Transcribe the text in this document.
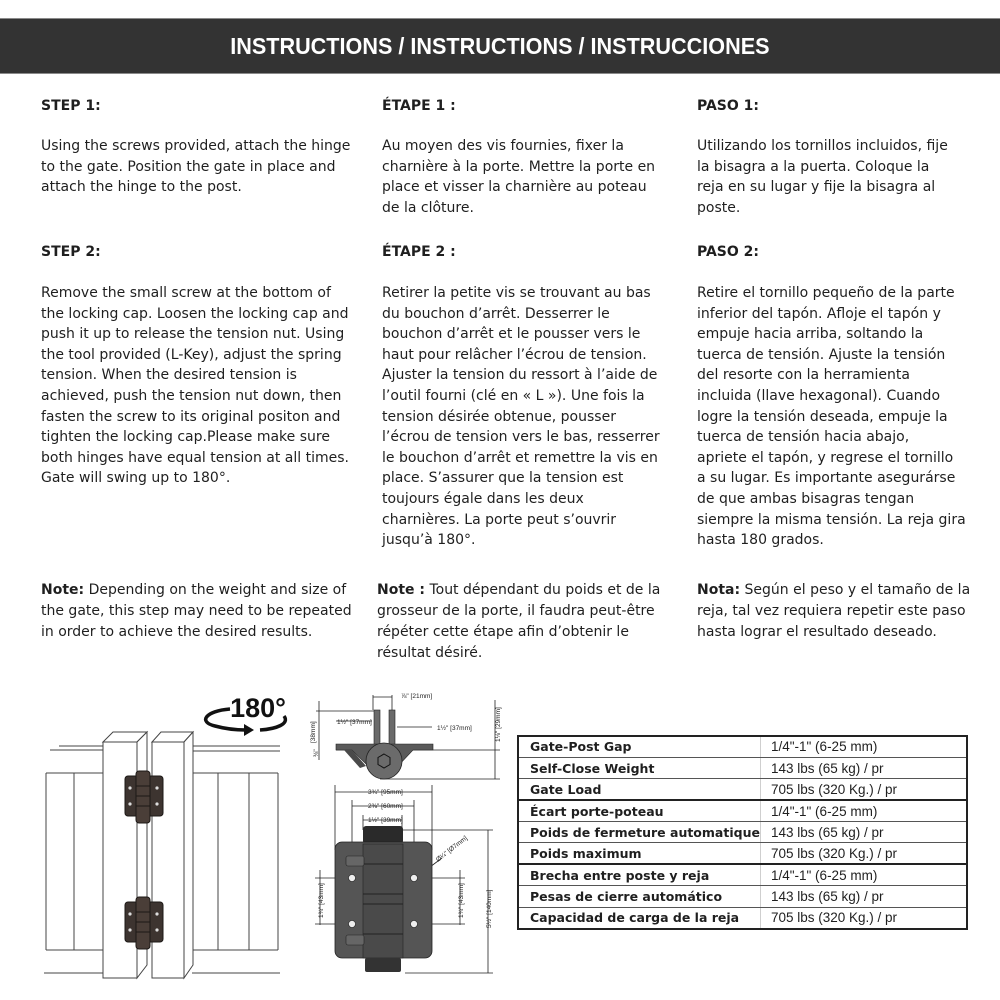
INSTRUCTIONS / INSTRUCTIONS / INSTRUCCIONES
STEP 1:
Using the screws provided, attach the hinge
to the gate. Position the gate in place and
attach the hinge to the post.
STEP 2:
Remove the small screw at the bottom of
the locking cap. Loosen the locking cap and
push it up to release the tension nut. Using
the tool provided (L-Key), adjust the spring
tension. When the desired tension is
achieved, push the tension nut down, then
fasten the screw to its original positon and
tighten the locking cap.Please make sure
both hinges have equal tension at all times.
Gate will swing up to 180°.
Note: Depending on the weight and size of
the gate, this step may need to be repeated
in order to achieve the desired results.
ÉTAPE 1 :
Au moyen des vis fournies, fixer la
charnière à la porte. Mettre la porte en
place et visser la charnière au poteau
de la clôture.
ÉTAPE 2 :
Retirer la petite vis se trouvant au bas
du bouchon d’arrêt. Desserrer le
bouchon d’arrêt et le pousser vers le
haut pour relâcher l’écrou de tension.
Ajuster la tension du ressort à l’aide de
l’outil fourni (clé en « L »). Une fois la
tension désirée obtenue, pousser
l’écrou de tension vers le bas, resserrer
le bouchon d’arrêt et remettre la vis en
place. S’assurer que la tension est
toujours égale dans les deux
charnières. La porte peut s’ouvrir
jusqu’à 180°.
Note : Tout dépendant du poids et de la
grosseur de la porte, il faudra peut-être
répéter cette étape afin d’obtenir le
résultat désiré.
PASO 1:
Utilizando los tornillos incluidos, fije
la bisagra a la puerta. Coloque la
reja en su lugar y fije la bisagra al
poste.
PASO 2:
Retire el tornillo pequeño de la parte
inferior del tapón. Afloje el tapón y
empuje hacia arriba, soltando la
tuerca de tensión. Ajuste la tensión
del resorte con la herramienta
incluida (llave hexagonal). Cuando
logre la tensión deseada, empuje la
tuerca de tensión hacia abajo,
apriete el tapón, y regrese el tornillo
a su lugar. Es importante asegurárse
de que ambas bisagras tengan
siempre la misma tensión. La reja gira
hasta 180 grados.
Nota: Según el peso y el tamaño de la
reja, tal vez requiera repetir este paso
hasta lograr el resultado deseado.
180°	⅞" [21mm]
1½" [37mm]
1½" [37mm]
[38mm]
⅜"
1⅛" [29mm]
3¾" [95mm]
2⅜" [60mm]
1½" [39mm]
Ø¼" [Ø7mm]
1¾" [43mm]	1¾" [43mm]	5½" [140mm]
Gate-Post Gap	1/4"-1" (6-25 mm)
Self-Close Weight	143 lbs (65 kg) / pr
Gate Load	705 lbs (320 Kg.) / pr
Écart porte-poteau	1/4"-1" (6-25 mm)
Poids de fermeture automatique	143 lbs (65 kg) / pr
Poids maximum	705 lbs (320 Kg.) / pr
Brecha entre poste y reja	1/4"-1" (6-25 mm)
Pesas de cierre automático	143 lbs (65 kg) / pr
Capacidad de carga de la reja	705 lbs (320 Kg.) / pr
